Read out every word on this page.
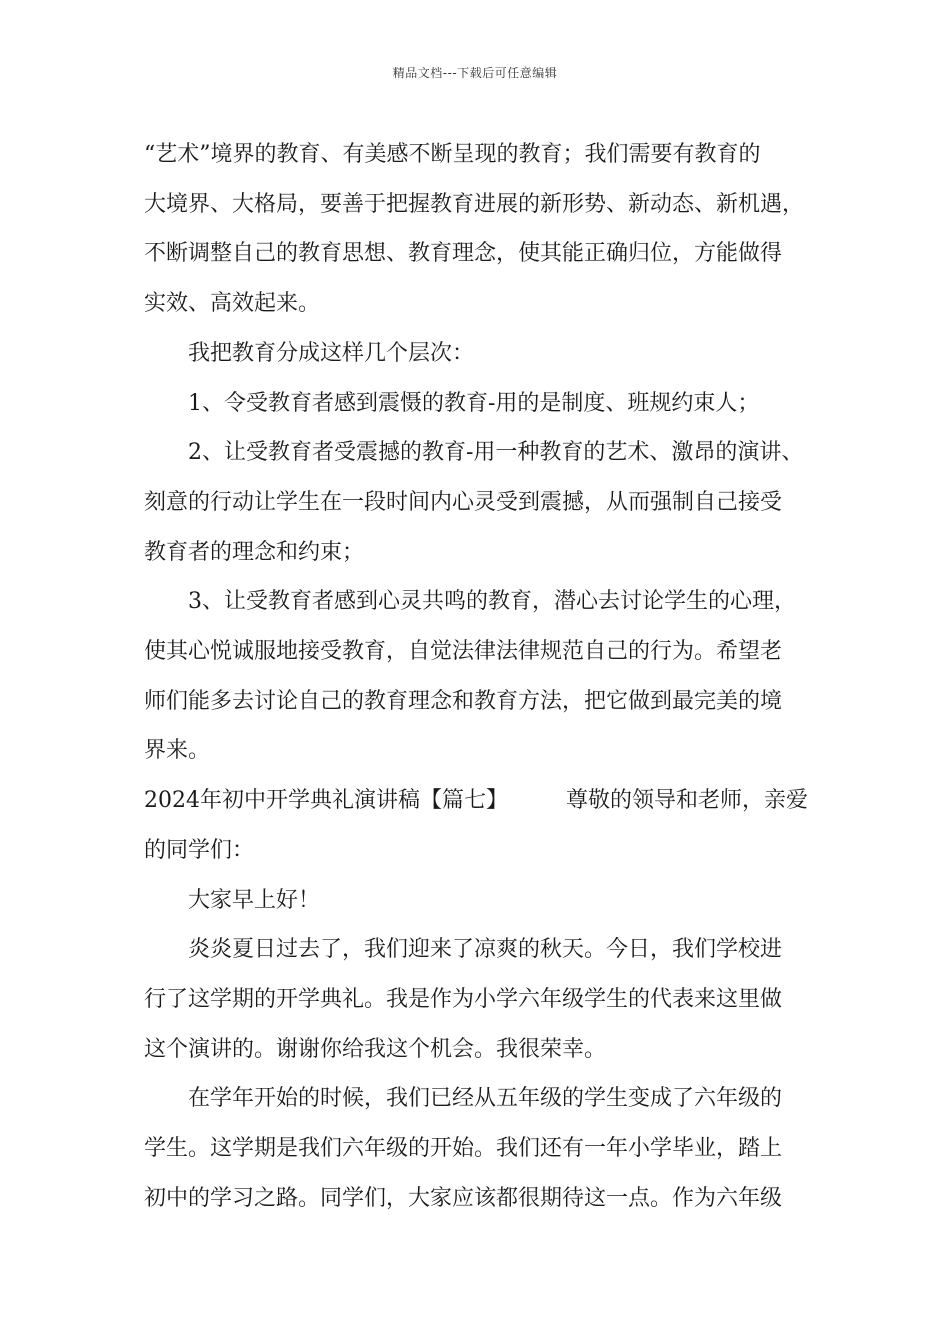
精品文档---下载后可任意编辑

“艺术”境界的教育、有美感不断呈现的教育；我们需要有教育的

大境界、大格局，要善于把握教育进展的新形势、新动态、新机遇，

不断调整自己的教育思想、教育理念，使其能正确归位，方能做得

实效、高效起来。

我把教育分成这样几个层次：

1、令受教育者感到震慑的教育-用的是制度、班规约束人；

2、让受教育者受震撼的教育-用一种教育的艺术、激昂的演讲、

刻意的行动让学生在一段时间内心灵受到震撼，从而强制自己接受

教育者的理念和约束；

3、让受教育者感到心灵共鸣的教育，潜心去讨论学生的心理，

使其心悦诚服地接受教育，自觉法律法律规范自己的行为。希望老

师们能多去讨论自己的教育理念和教育方法，把它做到最完美的境

界来。

2024年初中开学典礼演讲稿【篇七】	尊敬的领导和老师，亲爱

的同学们：

大家早上好！

炎炎夏日过去了，我们迎来了凉爽的秋天。今日，我们学校进

行了这学期的开学典礼。我是作为小学六年级学生的代表来这里做

这个演讲的。谢谢你给我这个机会。我很荣幸。

在学年开始的时候，我们已经从五年级的学生变成了六年级的

学生。这学期是我们六年级的开始。我们还有一年小学毕业，踏上

初中的学习之路。同学们，大家应该都很期待这一点。作为六年级
